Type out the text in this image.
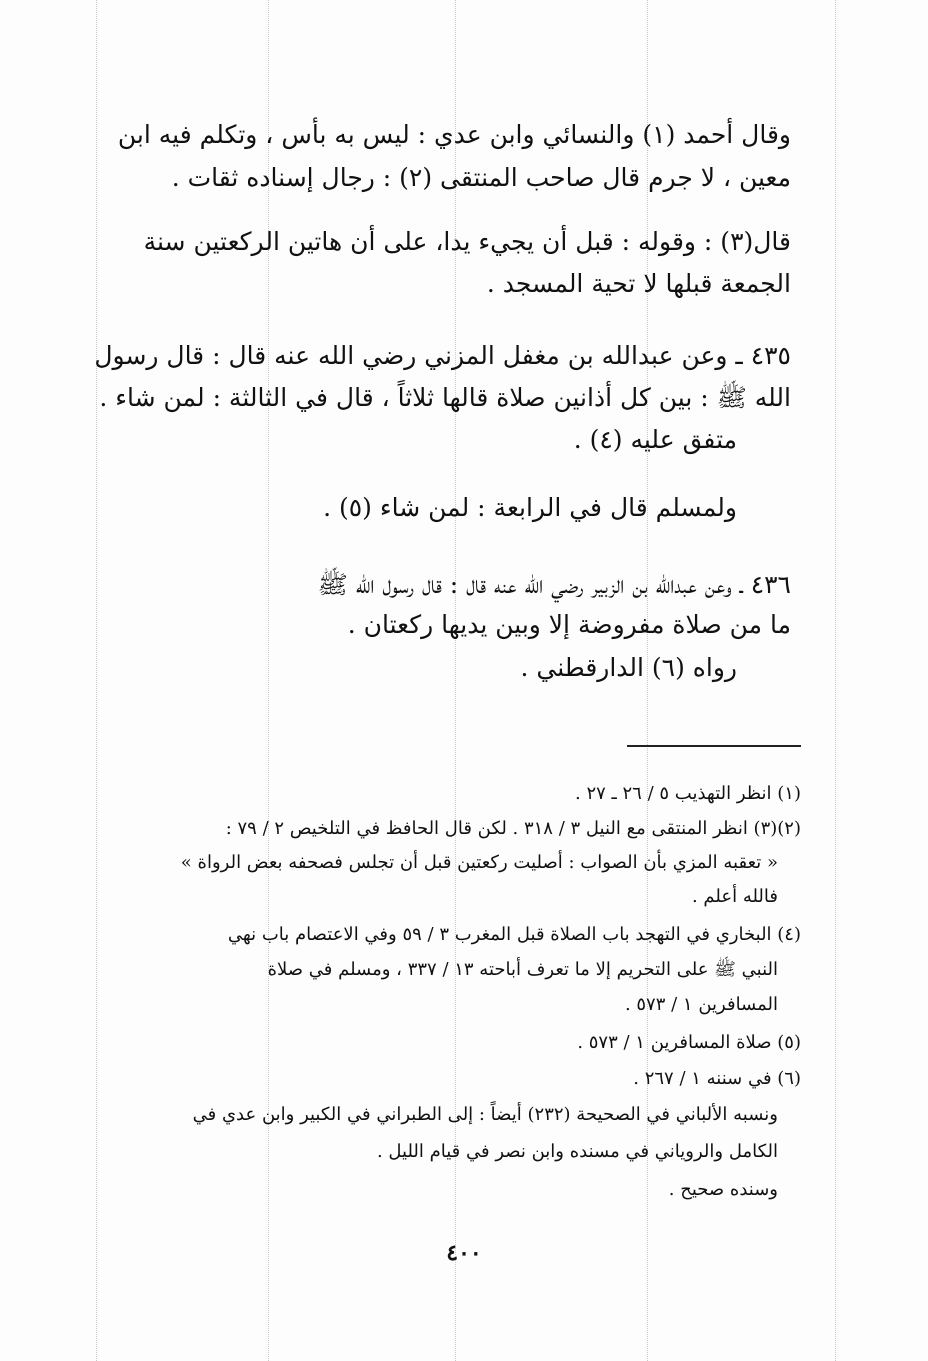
وقال أحمد (١) والنسائي وابن عدي : ليس به بأس ، وتكلم فيه ابن
معين ، لا جرم قال صاحب المنتقى (٢) : رجال إسناده ثقات .
قال(٣) : وقوله : قبل أن يجيء يدا، على أن هاتين الركعتين سنة
الجمعة قبلها لا تحية المسجد .
٤٣٥ ـ وعن عبدالله بن مغفل المزني رضي الله عنه قال : قال رسول
الله ﷺ : بين كل أذانين صلاة قالها ثلاثاً ، قال في الثالثة : لمن شاء .
متفق عليه (٤) .
ولمسلم قال في الرابعة : لمن شاء (٥) .
٤٣٦ ـ وعن عبدالله بن الزبير رضي الله عنه قال : قال رسول الله ﷺ
ما من صلاة مفروضة إلا وبين يديها ركعتان .
رواه (٦) الدارقطني .
(١) انظر التهذيب ٥ / ٢٦ ـ ٢٧ .
(٢)(٣) انظر المنتقى مع النيل ٣ / ٣١٨ . لكن قال الحافظ في التلخيص ٢ / ٧٩ :
« تعقبه المزي بأن الصواب : أصليت ركعتين قبل أن تجلس فصحفه بعض الرواة »
فالله أعلم .
(٤) البخاري في التهجد باب الصلاة قبل المغرب ٣ / ٥٩ وفي الاعتصام باب نهي
النبي ﷺ على التحريم إلا ما تعرف أباحته ١٣ / ٣٣٧ ، ومسلم في صلاة
المسافرين ١ / ٥٧٣ .
(٥) صلاة المسافرين ١ / ٥٧٣ .
(٦) في سننه ١ / ٢٦٧ .
ونسبه الألباني في الصحيحة (٢٣٢) أيضاً : إلى الطبراني في الكبير وابن عدي في
الكامل والروياني في مسنده وابن نصر في قيام الليل .
وسنده صحيح .
٤٠٠
